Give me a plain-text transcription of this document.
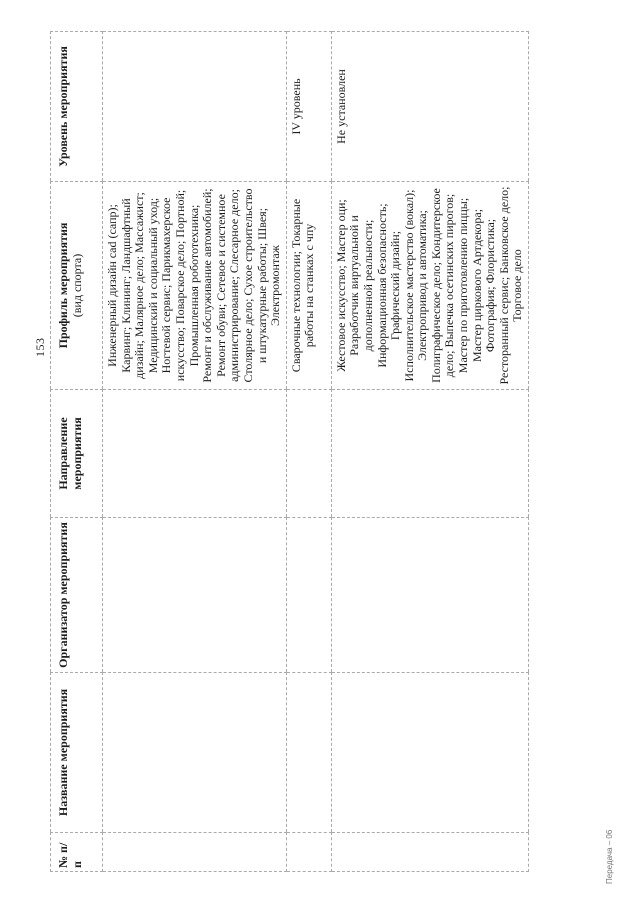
153
№ п/п	Название мероприятия	Организатор мероприятия	Направление мероприятия	Профиль мероприятия (вид спорта)	Уровень мероприятия
				Инженерный дизайн cad (сапр); Карвинг; Клининг; Ландшафтный дизайн; Малярное дело; Массажист; Медицинский и социальный уход; Ногтевой сервис; Парикмахерское искусство; Поварское дело; Портной; Промышленная робототехника; Ремонт и обслуживание автомобилей; Ремонт обуви; Сетевое и системное администрирование; Слесарное дело; Столярное дело; Сухое строительство и штукатурные работы; Швея; Электромонтаж	
				Сварочные технологии; Токарные работы на станках с чпу	IV уровень
				Жестовое искусство; Мастер оци; Разработчик виртуальной и дополненной реальности; Информационная безопасность; Графический дизайн; Исполнительское мастерство (вокал); Электропривод и автоматика; Полиграфическое дело; Кондитерское дело; Выпечка осетинских пирогов; Мастер по приготовлению пиццы; Мастер циркового Артдекора; Фотография; Флористика; Ресторанный сервис; Банковское дело; Торговое дело	Не установлен
Передача – 06
